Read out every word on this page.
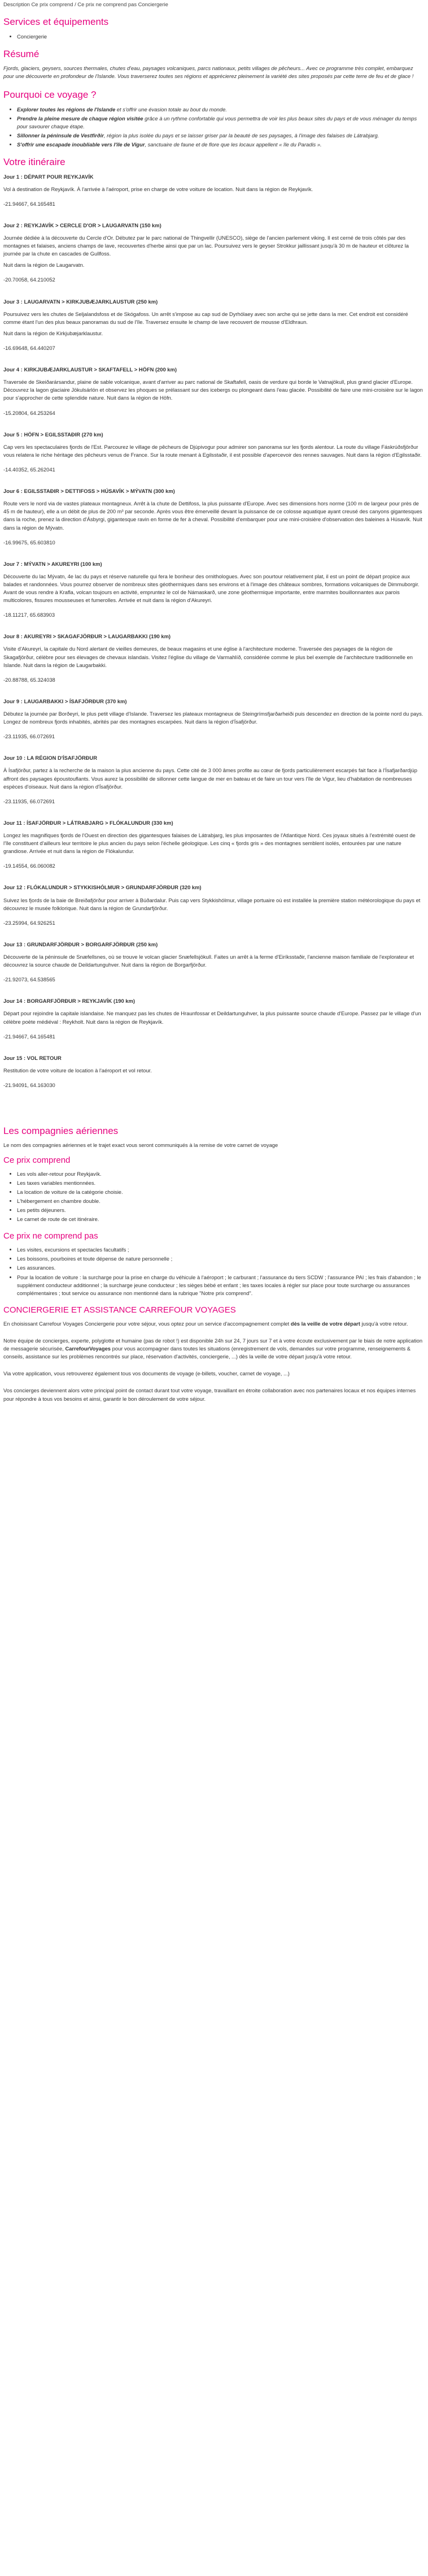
Description Ce prix comprend / Ce prix ne comprend pas Conciergerie
Services et équipements
• Conciergerie
Résumé

Fjords, glaciers, geysers, sources thermales, chutes d'eau, paysages volcaniques, parcs nationaux, petits villages de pêcheurs... Avec ce programme très complet, embarquez pour une découverte en profondeur de l'Islande. Vous traverserez toutes ses régions et apprécierez pleinement la variété des sites proposés par cette terre de feu et de glace !

Pourquoi ce voyage ?
• Explorer toutes les régions de l'Islande et s'offrir une évasion totale au bout du monde.
• Prendre la pleine mesure de chaque région visitée grâce à un rythme confortable qui vous permettra de voir les plus beaux sites du pays et de vous ménager du temps pour savourer chaque étape.
• Sillonner la péninsule de Vestfirðir, région la plus isolée du pays et se laisser griser par la beauté de ses paysages, à l'image des falaises de Látrabjarg.
• S'offrir une escapade inoubliable vers l'île de Vigur, sanctuaire de faune et de flore que les locaux appellent « île du Paradis ».
Votre itinéraire
Jour 1 : DÉPART POUR REYKJAVÍK

Vol à destination de Reykjavík. À l'arrivée à l'aéroport, prise en charge de votre voiture de location. Nuit dans la région de Reykjavík.

-21.94667, 64.165481
Jour 2 : REYKJAVÍK > CERCLE D'OR > LAUGARVATN (150 km)

Journée dédiée à la découverte du Cercle d'Or. Débutez par le parc national de Thingvellir (UNESCO), siège de l'ancien parlement viking. Il est cerné de trois côtés par des montagnes et falaises, anciens champs de lave, recouvertes d'herbe ainsi que par un lac. Poursuivez vers le geyser Strokkur jaillissant jusqu'à 30 m de hauteur et clôturez la journée par la chute en cascades de Gullfoss.

Nuit dans la région de Laugarvatn.

-20.70058, 64.210052
Jour 3 : LAUGARVATN > KIRKJUBÆJARKLAUSTUR (250 km)

Poursuivez vers les chutes de Seljalandsfoss et de Skógafoss. Un arrêt s'impose au cap sud de Dyrhólaey avec son arche qui se jette dans la mer. Cet endroit est considéré comme étant l'un des plus beaux panoramas du sud de l'île. Traversez ensuite le champ de lave recouvert de mousse d'Eldhraun.

Nuit dans la région de Kirkjubæjarklaustur.

-16.69648, 64.440207
Jour 4 : KIRKJUBÆJARKLAUSTUR > SKAFTAFELL > HÖFN (200 km)

Traversée de Skeiðarársandur, plaine de sable volcanique, avant d'arriver au parc national de Skaftafell, oasis de verdure qui borde le Vatnajökull, plus grand glacier d'Europe. Découvrez la lagon glaciaire Jökulsárlón et observez les phoques se prélassant sur des icebergs ou plongeant dans l'eau glacée. Possibilité de faire une mini-croisière sur le lagon pour s'approcher de cette splendide nature. Nuit dans la région de Höfn.

-15.20804, 64.253264
Jour 5 : HÖFN > EGILSSTAÐIR (270 km)

Cap vers les spectaculaires fjords de l'Est. Parcourez le village de pêcheurs de Djúpivogur pour admirer son panorama sur les fjords alentour. La route du village Fáskrúðsfjörður vous relatera le riche héritage des pêcheurs venus de France. Sur la route menant à Egilsstaðir, il est possible d'apercevoir des rennes sauvages. Nuit dans la région d'Egilsstaðir.

-14.40352, 65.262041
Jour 6 : EGILSSTAÐIR > DETTIFOSS > HÚSAVÍK > MÝVATN (300 km)

Route vers le nord via de vastes plateaux montagneux. Arrêt à la chute de Dettifoss, la plus puissante d'Europe. Avec ses dimensions hors norme (100 m de largeur pour près de 45 m de hauteur), elle a un débit de plus de 200 m³ par seconde. Après vous être émerveillé devant la puissance de ce colosse aquatique ayant creusé des canyons gigantesques dans la roche, prenez la direction d'Ásbyrgi, gigantesque ravin en forme de fer à cheval. Possibilité d'embarquer pour une mini-croisière d'observation des baleines à Húsavík. Nuit dans la région de Mývatn.

-16.99675, 65.603810
Jour 7 : MÝVATN > AKUREYRI (100 km)

Découverte du lac Mývatn, 4e lac du pays et réserve naturelle qui fera le bonheur des ornithologues. Avec son pourtour relativement plat, il est un point de départ propice aux balades et randonnées. Vous pourrez observer de nombreux sites géothermiques dans ses environs et à l'image des châteaux sombres, formations volcaniques de Dimmuborgir. Avant de vous rendre à Krafla, volcan toujours en activité, empruntez le col de Námaskarð, une zone géothermique importante, entre marmites bouillonnantes aux parois multicolores, fissures mousseuses et fumerolles. Arrivée et nuit dans la région d'Akureyri.

-18.11217, 65.683903
Jour 8 : AKUREYRI > SKAGAFJÖRÐUR > LAUGARBAKKI (190 km)

Visite d'Akureyri, la capitale du Nord alertant de vieilles demeures, de beaux magasins et une église à l'architecture moderne. Traversée des paysages de la région de Skagafjörður, célèbre pour ses élevages de chevaux islandais. Visitez l'église du village de Varmahlíð, considérée comme le plus bel exemple de l'architecture traditionnelle en Islande. Nuit dans la région de Laugarbakki.

-20.88788, 65.324038
Jour 9 : LAUGARBAKKI > ÍSAFJÖRÐUR (370 km)

Débutez la journée par Borðeyri, le plus petit village d'Islande. Traversez les plateaux montagneux de Steingrímsfjarðarheiði puis descendez en direction de la pointe nord du pays. Longez de nombreux fjords inhabités, abrités par des montagnes escarpées. Nuit dans la région d'Ísafjörður.

-23.11935, 66.072691
Jour 10 : LA RÉGION D'ÍSAFJÖRÐUR

À Ísafjörður, partez à la recherche de la maison la plus ancienne du pays. Cette cité de 3 000 âmes profite au cœur de fjords particulièrement escarpés fait face à l'Ísafjarðardjúp affront des paysages époustouflants. Vous aurez la possibilité de sillonner cette langue de mer en bateau et de faire un tour vers l'île de Vigur, lieu d'habitation de nombreuses espèces d'oiseaux. Nuit dans la région d'Ísafjörður.

-23.11935, 66.072691
Jour 11 : ÍSAFJÖRÐUR > LÁTRABJARG > FLÓKALUNDUR (330 km)

Longez les magnifiques fjords de l'Ouest en direction des gigantesques falaises de Látrabjarg, les plus imposantes de l'Atlantique Nord. Ces joyaux situés à l'extrémité ouest de l'île constituent d'ailleurs leur territoire le plus ancien du pays selon l'échelle géologique. Les cinq « fjords gris » des montagnes semblent isolés, entourées par une nature grandiose. Arrivée et nuit dans la région de Flókalundur.

-19.14554, 66.060082
Jour 12 : FLÓKALUNDUR > STYKKISHÓLMUR > GRUNDARFJÖRÐUR (320 km)

Suivez les fjords de la baie de Breiðafjörður pour arriver à Búðardalur. Puis cap vers Stykkishólmur, village portuaire où est installée la première station météorologique du pays et découvrez le musée folklorique. Nuit dans la région de Grundarfjörður.

-23.25994, 64.926251
Jour 13 : GRUNDARFJÖRÐUR > BORGARFJÖRÐUR (250 km)

Découverte de la péninsule de Snæfellsnes, où se trouve le volcan glacier Snæfellsjökull. Faites un arrêt à la ferme d'Eiríksstaðir, l'ancienne maison familiale de l'explorateur et découvrez la source chaude de Deildartunguhver. Nuit dans la région de Borgarfjörður.

-21.92073, 64.538565
Jour 14 : BORGARFJÖRÐUR > REYKJAVÍK (190 km)

Départ pour rejoindre la capitale islandaise. Ne manquez pas les chutes de Hraunfossar et Deildartunguhver, la plus puissante source chaude d'Europe. Passez par le village d'un célèbre poète médiéval : Reykholt. Nuit dans la région de Reykjavík.

-21.94667, 64.165481
Jour 15 : VOL RETOUR

Restitution de votre voiture de location à l'aéroport et vol retour.

-21.94091, 64.163030
Les compagnies aériennes

Le nom des compagnies aériennes et le trajet exact vous seront communiqués à la remise de votre carnet de voyage

Ce prix comprend
• Les vols aller-retour pour Reykjavík.
• Les taxes variables mentionnées.
• La location de voiture de la catégorie choisie.
• L'hébergement en chambre double.
• Les petits déjeuners.
• Le carnet de route de cet itinéraire.
Ce prix ne comprend pas
• Les visites, excursions et spectacles facultatifs ;
• Les boissons, pourboires et toute dépense de nature personnelle ;
• Les assurances.
• Pour la location de voiture : la surcharge pour la prise en charge du véhicule à l'aéroport ; le carburant ; l'assurance du tiers SCDW ; l'assurance PAI ; les frais d'abandon ; le supplément conducteur additionnel ; la surcharge jeune conducteur ; les sièges bébé et enfant ; les taxes locales à régler sur place pour toute surcharge ou assurances complémentaires ; tout service ou assurance non mentionné dans la rubrique "Notre prix comprend".
CONCIERGERIE ET ASSISTANCE CARREFOUR VOYAGES

En choisissant Carrefour Voyages Conciergerie pour votre séjour, vous optez pour un service d'accompagnement complet dès la veille de votre départ jusqu'à votre retour.

Notre équipe de concierges, experte, polyglotte et humaine (pas de robot !) est disponible 24h sur 24, 7 jours sur 7 et à votre écoute exclusivement par le biais de notre application de messagerie sécurisée, CarrefourVoyages pour vous accompagner dans toutes les situations (enregistrement de vols, demandes sur votre programme, renseignements & conseils, assistance sur les problèmes rencontrés sur place, réservation d'activités, conciergerie, ...) dès la veille de votre départ jusqu'à votre retour.

Via votre application, vous retrouverez également tous vos documents de voyage (e-billets, voucher, carnet de voyage, ...)

Vos concierges deviennent alors votre principal point de contact durant tout votre voyage, travaillant en étroite collaboration avec nos partenaires locaux et nos équipes internes pour répondre à tous vos besoins et ainsi, garantir le bon déroulement de votre séjour.
